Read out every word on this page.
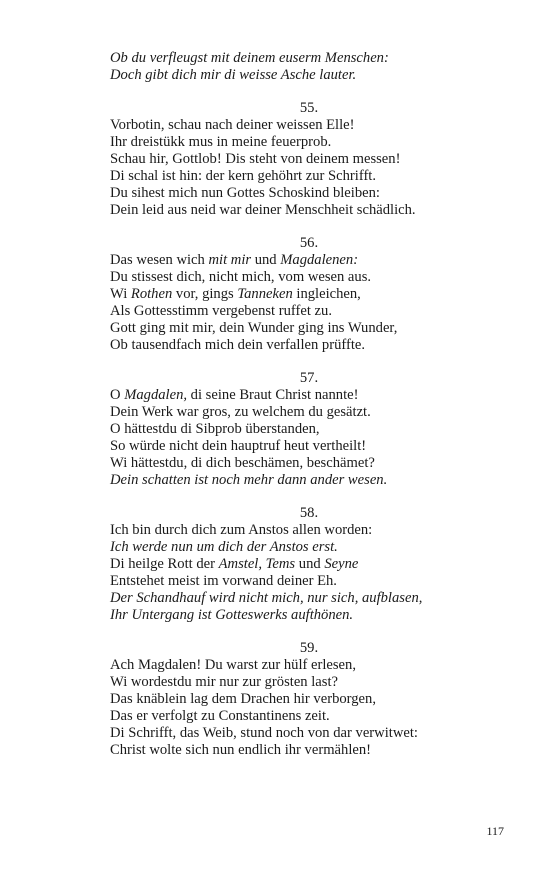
Ob du verfleugst mit deinem euserm Menschen:

Doch gibt dich mir di weisse Asche lauter.

55.

Vorbotin, schau nach deiner weissen Elle!

Ihr dreistükk mus in meine feuerprob.

Schau hir, Gottlob! Dis steht von deinem messen!

Di schal ist hin: der kern gehöhrt zur Schrifft.

Du sihest mich nun Gottes Schoskind bleiben:

Dein leid aus neid war deiner Menschheit schädlich.

56.

Das wesen wich mit mir und Magdalenen:

Du stissest dich, nicht mich, vom wesen aus.

Wi Rothen vor, gings Tanneken ingleichen,

Als Gottesstimm vergebenst ruffet zu.

Gott ging mit mir, dein Wunder ging ins Wunder,

Ob tausendfach mich dein verfallen prüffte.

57.

O Magdalen, di seine Braut Christ nannte!

Dein Werk war gros, zu welchem du gesätzt.

O hättestdu di Sibprob überstanden,

So würde nicht dein hauptruf heut vertheilt!

Wi hättestdu, di dich beschämen, beschämet?

Dein schatten ist noch mehr dann ander wesen.

58.

Ich bin durch dich zum Anstos allen worden:

Ich werde nun um dich der Anstos erst.

Di heilge Rott der Amstel, Tems und Seyne

Entstehet meist im vorwand deiner Eh.

Der Schandhauf wird nicht mich, nur sich, aufblasen,

Ihr Untergang ist Gotteswerks aufthönen.

59.

Ach Magdalen! Du warst zur hülf erlesen,

Wi wordestdu mir nur zur grösten last?

Das knäblein lag dem Drachen hir verborgen,

Das er verfolgt zu Constantinens zeit.

Di Schrifft, das Weib, stund noch von dar verwitwet:

Christ wolte sich nun endlich ihr vermählen!

117
